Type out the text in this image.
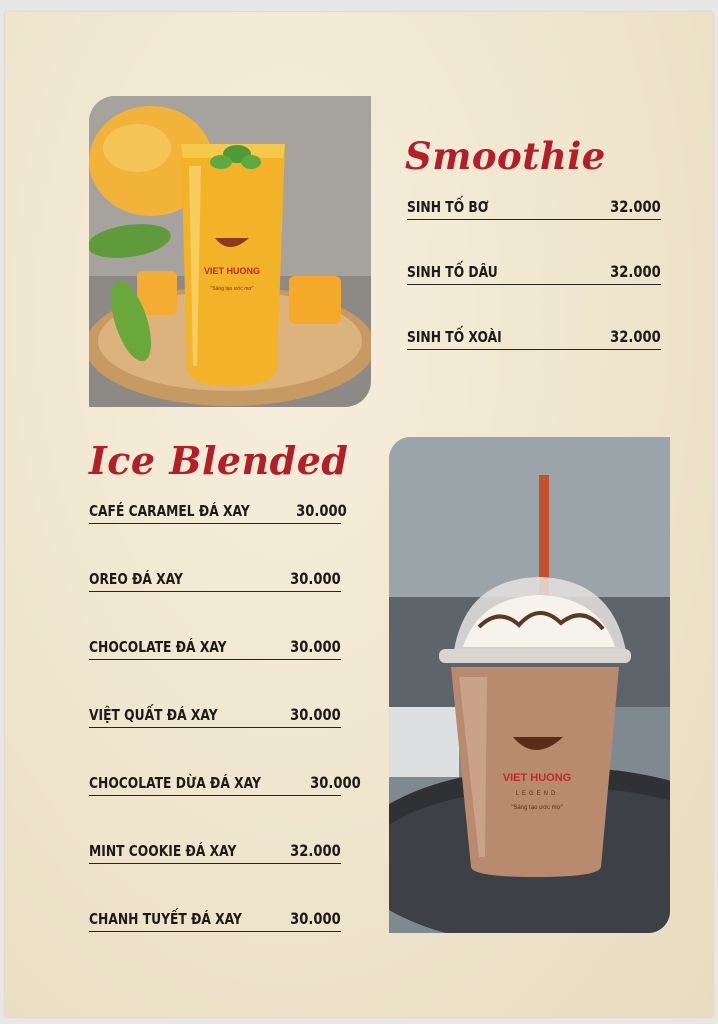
VIET HUONG
"Sáng tạo ước mơ"
Smoothie
SINH TỐ BƠ	32.000
SINH TỐ DÂU	32.000
SINH TỐ XOÀI	32.000
Ice Blended
CAFÉ CARAMEL ĐÁ XAY	30.000
OREO ĐÁ XAY	30.000
CHOCOLATE ĐÁ XAY	30.000
VIỆT QUẤT ĐÁ XAY	30.000
CHOCOLATE DỪA ĐÁ XAY	30.000
MINT COOKIE ĐÁ XAY	32.000
CHANH TUYẾT ĐÁ XAY	30.000
VIET HUONG
LEGEND
"Sáng tạo ước mơ"
